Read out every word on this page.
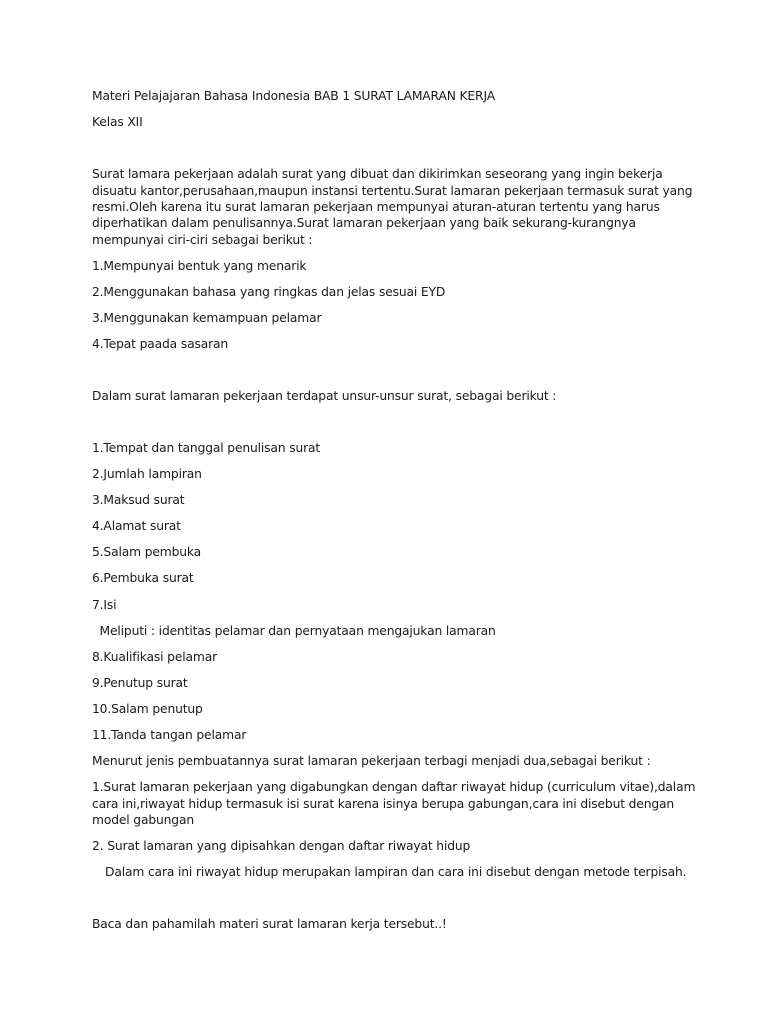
Materi Pelajajaran Bahasa Indonesia BAB 1 SURAT LAMARAN KERJA
Kelas XII
Surat lamara pekerjaan adalah surat yang dibuat dan dikirimkan seseorang yang ingin bekerja
disuatu kantor,perusahaan,maupun instansi tertentu.Surat lamaran pekerjaan termasuk surat yang
resmi.Oleh karena itu surat lamaran pekerjaan mempunyai aturan-aturan tertentu yang harus
diperhatikan dalam penulisannya.Surat lamaran pekerjaan yang baik sekurang-kurangnya
mempunyai ciri-ciri sebagai berikut :
1.Mempunyai bentuk yang menarik
2.Menggunakan bahasa yang ringkas dan jelas sesuai EYD
3.Menggunakan kemampuan pelamar
4.Tepat paada sasaran
Dalam surat lamaran pekerjaan terdapat unsur-unsur surat, sebagai berikut :
1.Tempat dan tanggal penulisan surat
2.Jumlah lampiran
3.Maksud surat
4.Alamat surat
5.Salam pembuka
6.Pembuka surat
7.Isi
Meliputi : identitas pelamar dan pernyataan mengajukan lamaran
8.Kualifikasi pelamar
9.Penutup surat
10.Salam penutup
11.Tanda tangan pelamar
Menurut jenis pembuatannya surat lamaran pekerjaan terbagi menjadi dua,sebagai berikut :
1.Surat lamaran pekerjaan yang digabungkan dengan daftar riwayat hidup (curriculum vitae),dalam
cara ini,riwayat hidup termasuk isi surat karena isinya berupa gabungan,cara ini disebut dengan
model gabungan
2. Surat lamaran yang dipisahkan dengan daftar riwayat hidup
Dalam cara ini riwayat hidup merupakan lampiran dan cara ini disebut dengan metode terpisah.
Baca dan pahamilah materi surat lamaran kerja tersebut..!
